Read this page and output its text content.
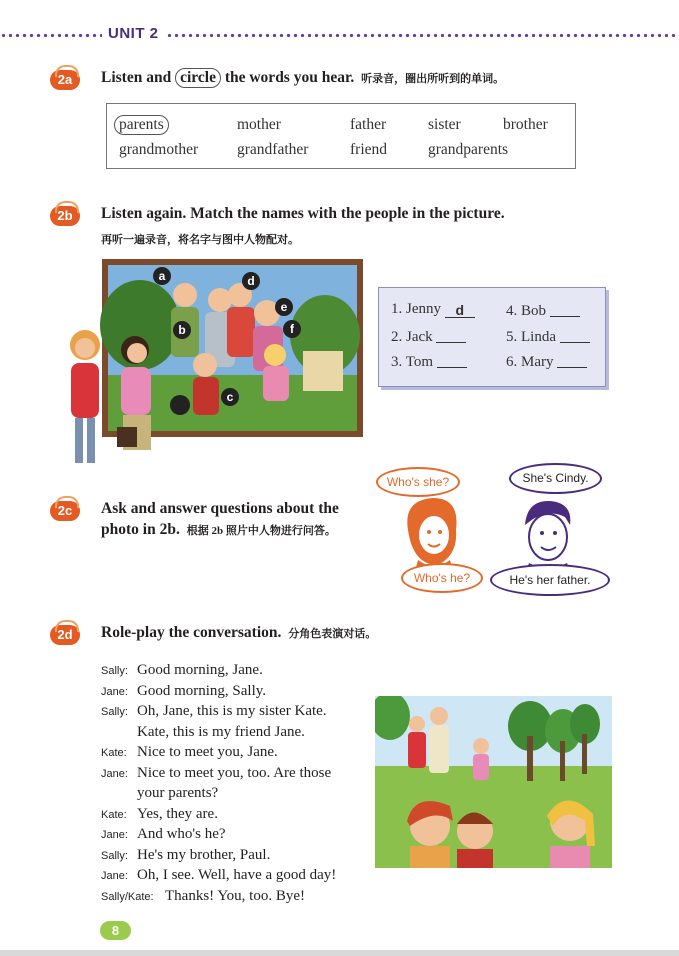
UNIT 2
2a	Listen and circle the words you hear. 听录音，圈出所听到的单词。
parents	mother	father	sister	brother
grandmother	grandfather	friend	grandparents
2b	Listen again. Match the names with the people in the picture.
再听一遍录音，将名字与图中人物配对。
a
b
c
d
e
f
1. Jenny d
2. Jack
3. Tom
4. Bob
5. Linda
6. Mary
2c	Ask and answer questions about the
photo in 2b. 根据 2b 照片中人物进行问答。
Who's she?	She's Cindy.
Who's he?	He's her father.
2d	Role-play the conversation. 分角色表演对话。
Sally: Good morning, Jane.
Jane: Good morning, Sally.
Sally: Oh, Jane, this is my sister Kate.
Kate, this is my friend Jane.
Kate: Nice to meet you, Jane.
Jane: Nice to meet you, too. Are those
your parents?
Kate: Yes, they are.
Jane: And who's he?
Sally: He's my brother, Paul.
Jane: Oh, I see. Well, have a good day!
Sally/Kate: Thanks! You, too. Bye!
8
